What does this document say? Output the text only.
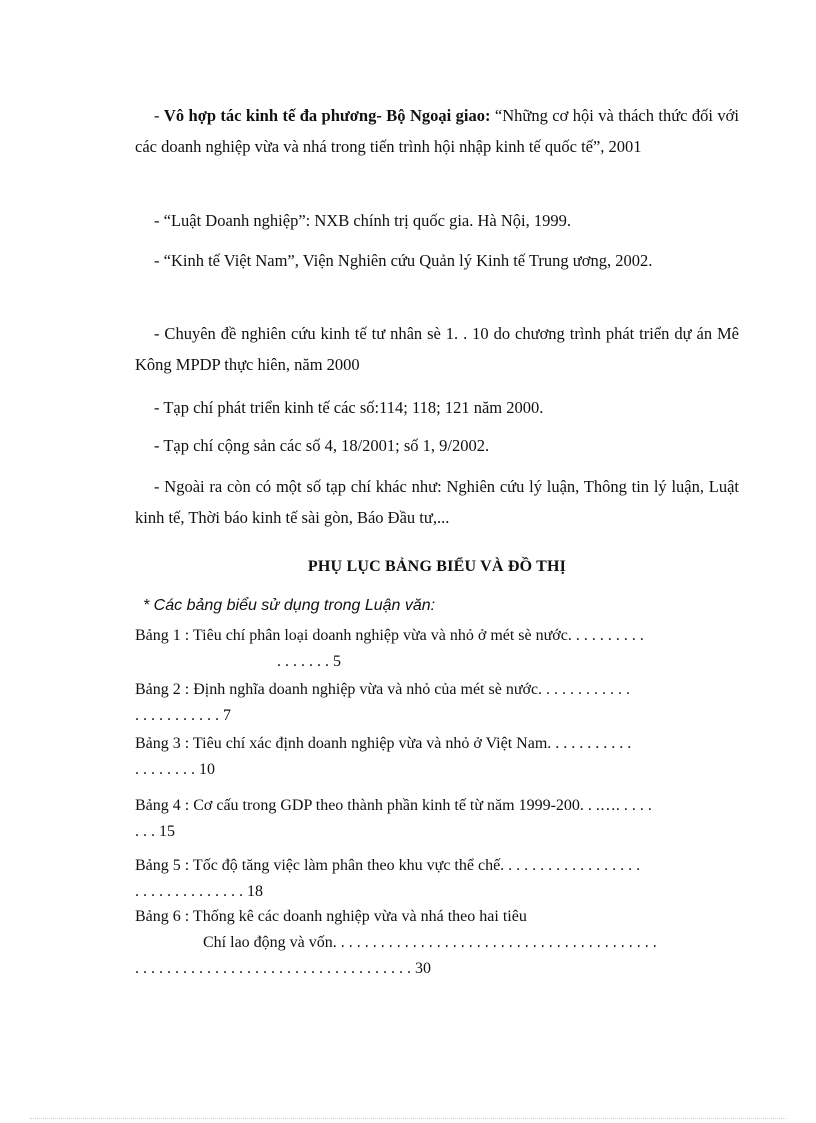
- Vô hợp tác kinh tế đa phương- Bộ Ngoại giao: “Những cơ hội và thách thức đối với các doanh nghiệp vừa và nhá trong tiến trình hội nhập kinh tế quốc tế”, 2001

- “Luật Doanh nghiệp”: NXB chính trị quốc gia. Hà Nội, 1999.

- “Kinh tế Việt Nam”, Viện Nghiên cứu Quản lý Kinh tế Trung ương, 2002.

- Chuyên đề nghiên cứu kinh tế tư nhân sè 1. . 10 do chương trình phát triển dự án Mê Kông MPDP thực hiên, năm 2000

- Tạp chí phát triển kinh tế các số:114; 118; 121 năm 2000.

- Tạp chí cộng sản các số 4, 18/2001; số 1, 9/2002.

- Ngoài ra còn có một số tạp chí khác như: Nghiên cứu lý luận, Thông tin lý luận, Luật kinh tế, Thời báo kinh tế sài gòn, Báo Đầu tư,...

PHỤ LỤC BẢNG BIỂU VÀ ĐỒ THỊ

* Các bảng biểu sử dụng trong Luận văn:

Bảng 1 : Tiêu chí phân loại doanh nghiệp vừa và nhỏ ở mét sè nước. . . . . . . . . .
. . . . . . . 5

Bảng 2 : Định nghĩa doanh nghiệp vừa và nhỏ của mét sè nước. . . . . . . . . . . .
. . . . . . . . . . . 7

Bảng 3 : Tiêu chí xác định doanh nghiệp vừa và nhỏ ở Việt Nam. . . . . . . . . . .
. . . . . . . . 10

Bảng 4 : Cơ cấu trong GDP theo thành phần kinh tế từ năm 1999-200. . .…. . . . .
. . . 15

Bảng 5 : Tốc độ tăng việc làm phân theo khu vực thể chế. . . . . . . . . . . . . . . . . .
. . . . . . . . . . . . . . 18

Bảng 6 : Thống kê các doanh nghiệp vừa và nhá theo hai tiêu
Chí lao động và vốn. . . . . . . . . . . . . . . . . . . . . . . . . . . . . . . . . . . . . . . . .
. . . . . . . . . . . . . . . . . . . . . . . . . . . . . . . . . . . 30
